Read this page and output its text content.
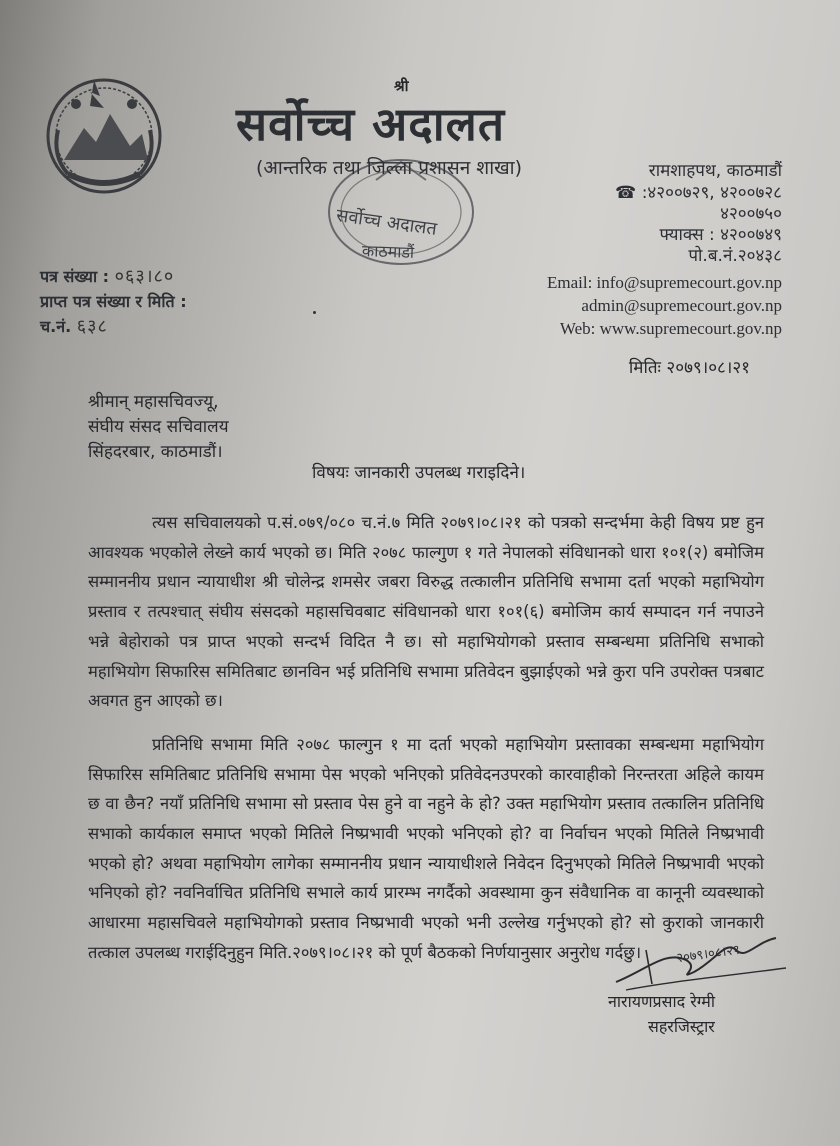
सर्वोच्च अदालत
काठमाडौं
श्री
सर्वोच्च अदालत
(आन्तरिक तथा जिल्ला प्रशासन शाखा)	रामशाहपथ, काठमाडौं
☎ :४२००७२९, ४२००७२८
४२००७५०
फ्याक्स : ४२००७४९
पो.ब.नं.२०४३८
Email: info@supremecourt.gov.np
admin@supremecourt.gov.np
Web: www.supremecourt.gov.np
पत्र संख्या : ०६३।८०
प्राप्त पत्र संख्या र मिति :
च.नं. ६३८
मितिः २०७९।०८।२१
श्रीमान् महासचिवज्यू,
संघीय संसद सचिवालय
सिंहदरबार, काठमाडौं।
विषयः जानकारी उपलब्ध गराइदिने।

त्यस सचिवालयको प.सं.०७९/०८० च.नं.७ मिति २०७९।०८।२१ को पत्रको सन्दर्भमा केही विषय प्रष्ट हुन आवश्यक भएकोले लेख्ने कार्य भएको छ। मिति २०७८ फाल्गुण १ गते नेपालको संविधानको धारा १०१(२) बमोजिम सम्माननीय प्रधान न्यायाधीश श्री चोलेन्द्र शमसेर जबरा विरुद्ध तत्कालीन प्रतिनिधि सभामा दर्ता भएको महाभियोग प्रस्ताव र तत्पश्चात् संघीय संसदको महासचिवबाट संविधानको धारा १०१(६) बमोजिम कार्य सम्पादन गर्न नपाउने भन्ने बेहोराको पत्र प्राप्त भएको सन्दर्भ विदित नै छ। सो महाभियोगको प्रस्ताव सम्बन्धमा प्रतिनिधि सभाको महाभियोग सिफारिस समितिबाट छानविन भई प्रतिनिधि सभामा प्रतिवेदन बुझाईएको भन्ने कुरा पनि उपरोक्त पत्रबाट अवगत हुन आएको छ।

प्रतिनिधि सभामा मिति २०७८ फाल्गुन १ मा दर्ता भएको महाभियोग प्रस्तावका सम्बन्धमा महाभियोग सिफारिस समितिबाट प्रतिनिधि सभामा पेस भएको भनिएको प्रतिवेदनउपरको कारवाहीको निरन्तरता अहिले कायम छ वा छैन? नयाँ प्रतिनिधि सभामा सो प्रस्ताव पेस हुने वा नहुने के हो? उक्त महाभियोग प्रस्ताव तत्कालिन प्रतिनिधि सभाको कार्यकाल समाप्त भएको मितिले निष्प्रभावी भएको भनिएको हो? वा निर्वाचन भएको मितिले निष्प्रभावी भएको हो? अथवा महाभियोग लागेका सम्माननीय प्रधान न्यायाधीशले निवेदन दिनुभएको मितिले निष्प्रभावी भएको भनिएको हो? नवनिर्वाचित प्रतिनिधि सभाले कार्य प्रारम्भ नगर्दैको अवस्थामा कुन संवैधानिक वा कानूनी व्यवस्थाको आधारमा महासचिवले महाभियोगको प्रस्ताव निष्प्रभावी भएको भनी उल्लेख गर्नुभएको हो? सो कुराको जानकारी तत्काल उपलब्ध गराईदिनुहुन मिति.२०७९।०८।२१ को पूर्ण बैठकको निर्णयानुसार अनुरोध गर्दछु।	२०७९।०८।२१
नारायणप्रसाद रेग्मी
सहरजिस्ट्रार
